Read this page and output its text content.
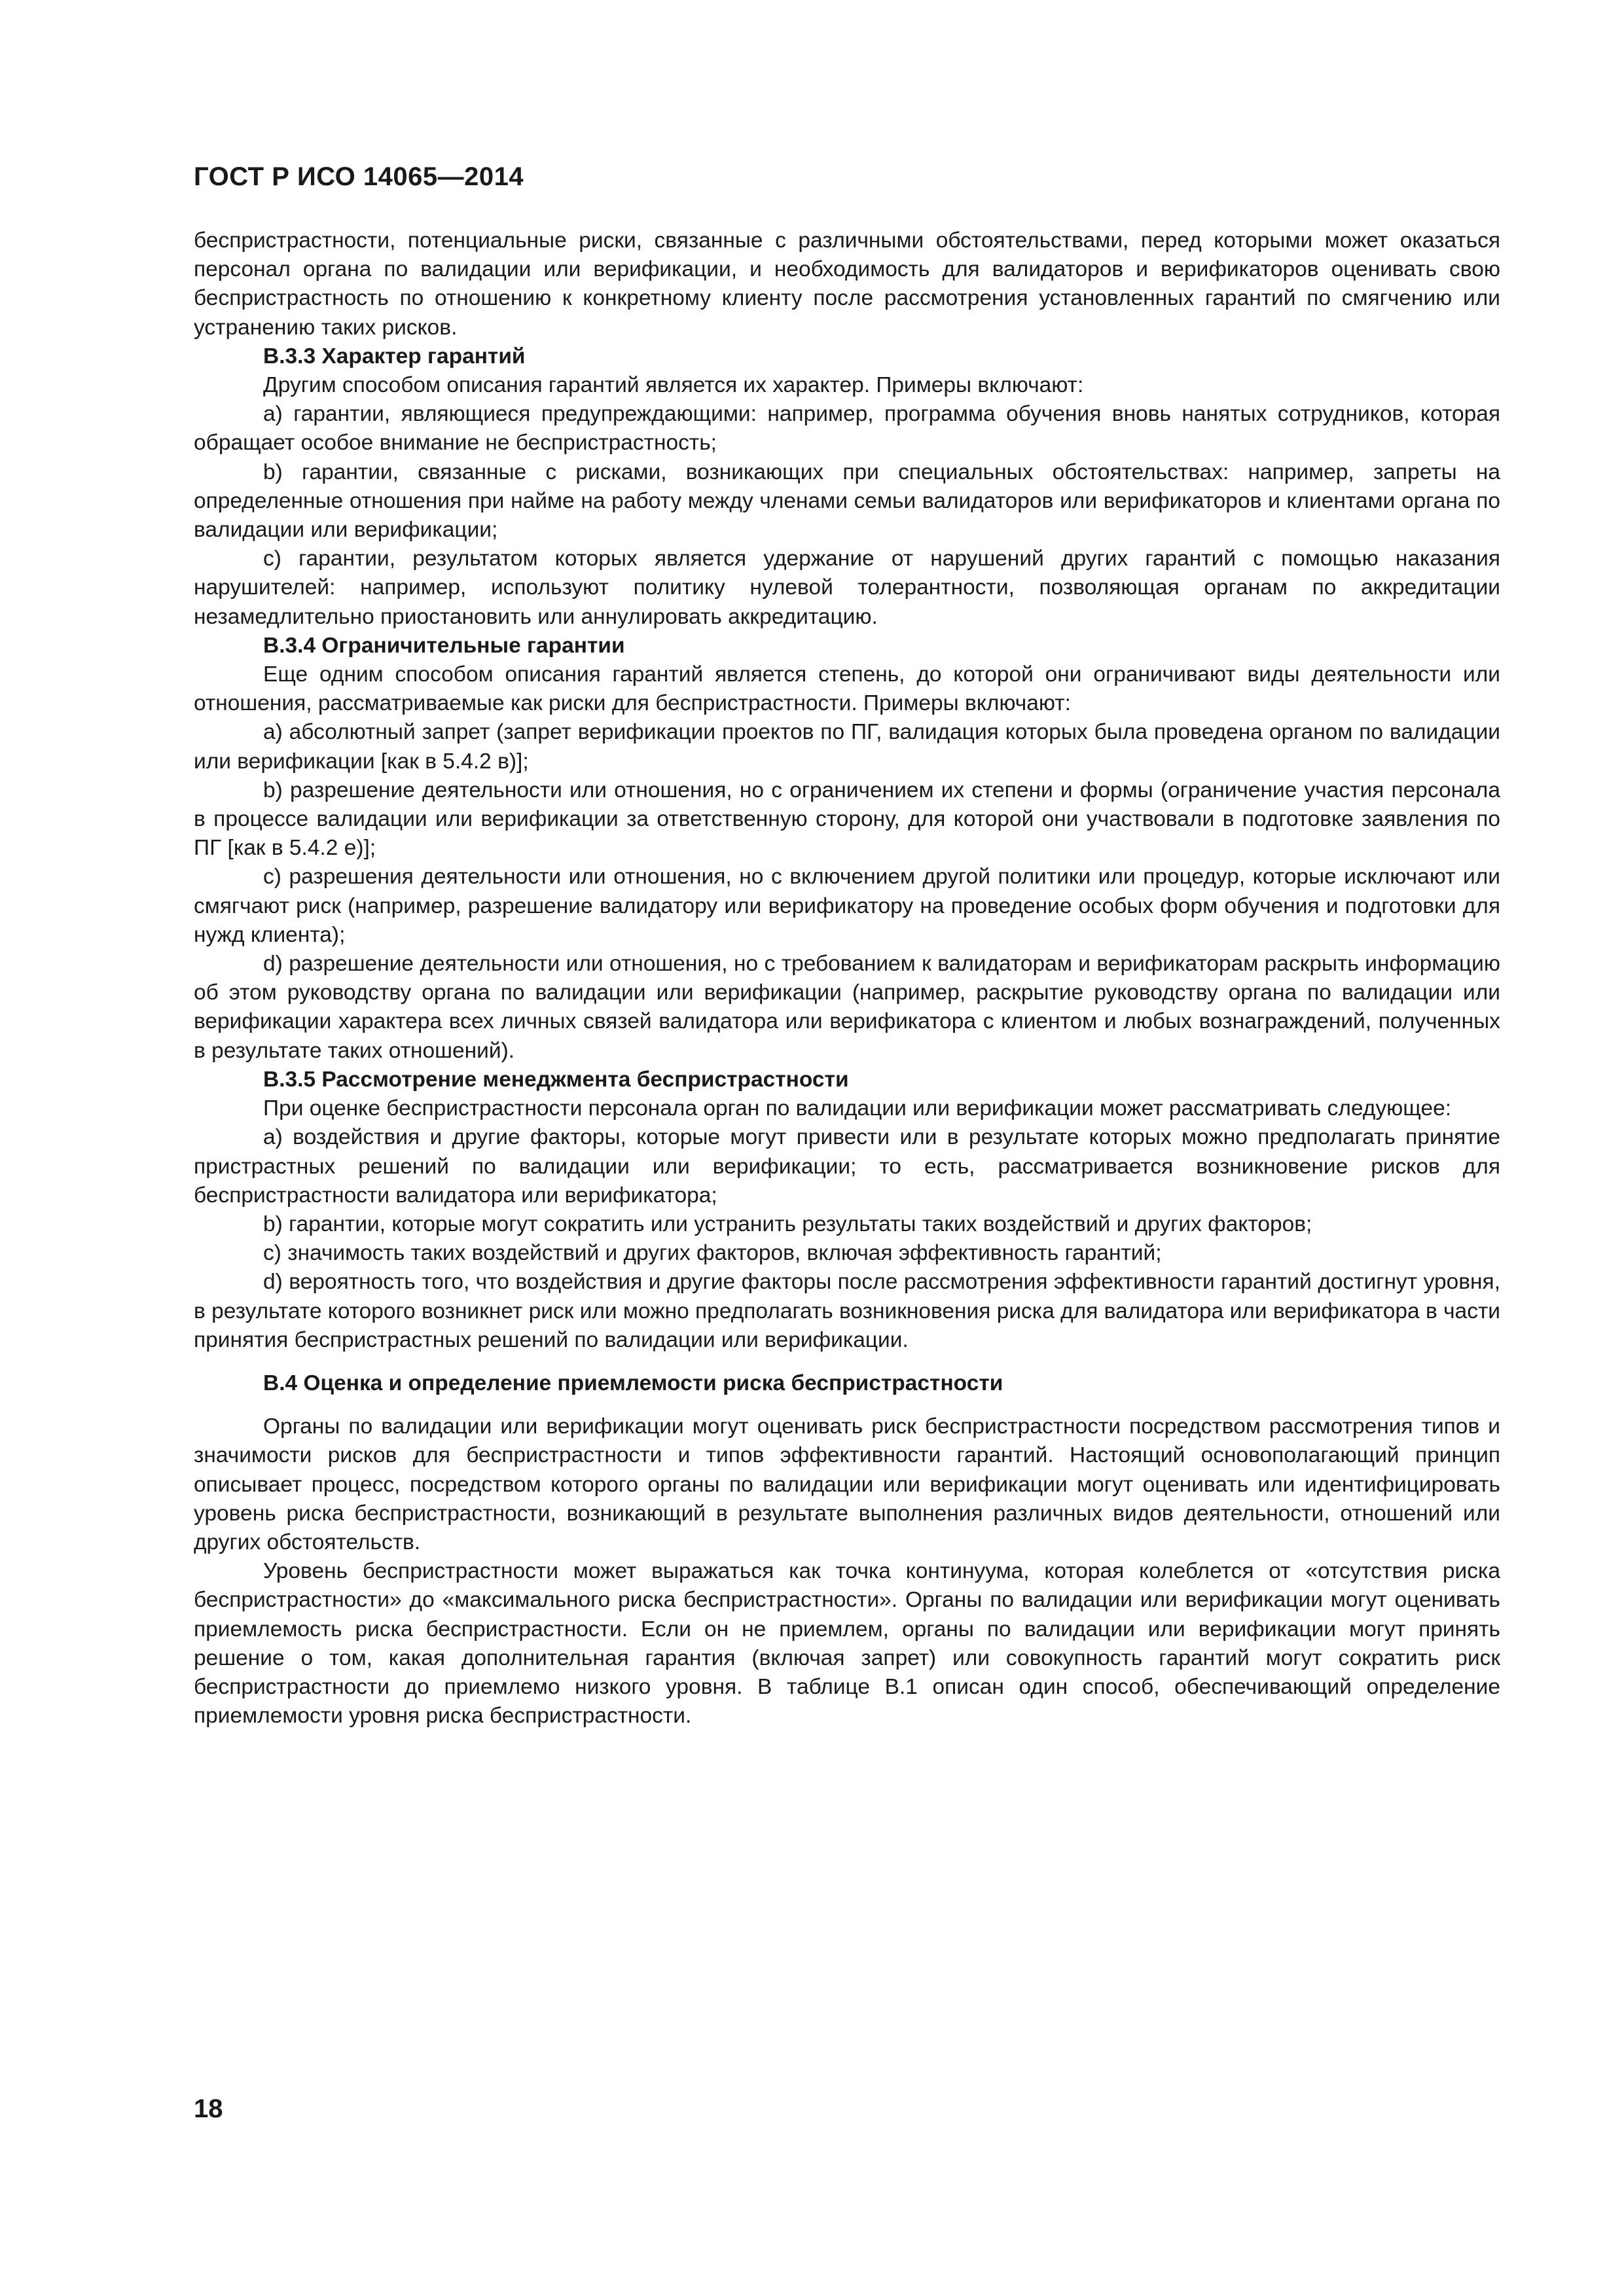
ГОСТ Р ИСО 14065—2014

беспристрастности, потенциальные риски, связанные с различными обстоятельствами, перед которыми может оказаться персонал органа по валидации или верификации, и необходимость для валидаторов и верификаторов оценивать свою беспристрастность по отношению к конкретному клиенту после рассмотрения установленных гарантий по смягчению или устранению таких рисков.

B.3.3 Характер гарантий

Другим способом описания гарантий является их характер. Примеры включают:

a) гарантии, являющиеся предупреждающими: например, программа обучения вновь нанятых сотрудников, которая обращает особое внимание не беспристрастность;

b) гарантии, связанные с рисками, возникающих при специальных обстоятельствах: например, запреты на определенные отношения при найме на работу между членами семьи валидаторов или верификаторов и клиентами органа по валидации или верификации;

c) гарантии, результатом которых является удержание от нарушений других гарантий с помощью наказания нарушителей: например, используют политику нулевой толерантности, позволяющая органам по аккредитации незамедлительно приостановить или аннулировать аккредитацию.

B.3.4 Ограничительные гарантии

Еще одним способом описания гарантий является степень, до которой они ограничивают виды деятельности или отношения, рассматриваемые как риски для беспристрастности. Примеры включают:

a) абсолютный запрет (запрет верификации проектов по ПГ, валидация которых была проведена органом по валидации или верификации [как в 5.4.2 в)];

b) разрешение деятельности или отношения, но с ограничением их степени и формы (ограничение участия персонала в процессе валидации или верификации за ответственную сторону, для которой они участвовали в подготовке заявления по ПГ [как в 5.4.2 е)];

c) разрешения деятельности или отношения, но с включением другой политики или процедур, которые исключают или смягчают риск (например, разрешение валидатору или верификатору на проведение особых форм обучения и подготовки для нужд клиента);

d) разрешение деятельности или отношения, но с требованием к валидаторам и верификаторам раскрыть информацию об этом руководству органа по валидации или верификации (например, раскрытие руководству органа по валидации или верификации характера всех личных связей валидатора или верификатора с клиентом и любых вознаграждений, полученных в результате таких отношений).

B.3.5 Рассмотрение менеджмента беспристрастности

При оценке беспристрастности персонала орган по валидации или верификации может рассматривать следующее:

a) воздействия и другие факторы, которые могут привести или в результате которых можно предполагать принятие пристрастных решений по валидации или верификации; то есть, рассматривается возникновение рисков для беспристрастности валидатора или верификатора;

b) гарантии, которые могут сократить или устранить результаты таких воздействий и других факторов;

c) значимость таких воздействий и других факторов, включая эффективность гарантий;

d) вероятность того, что воздействия и другие факторы после рассмотрения эффективности гарантий достигнут уровня, в результате которого возникнет риск или можно предполагать возникновения риска для валидатора или верификатора в части принятия беспристрастных решений по валидации или верификации.

B.4 Оценка и определение приемлемости риска беспристрастности

Органы по валидации или верификации могут оценивать риск беспристрастности посредством рассмотрения типов и значимости рисков для беспристрастности и типов эффективности гарантий. Настоящий основополагающий принцип описывает процесс, посредством которого органы по валидации или верификации могут оценивать или идентифицировать уровень риска беспристрастности, возникающий в результате выполнения различных видов деятельности, отношений или других обстоятельств.

Уровень беспристрастности может выражаться как точка континуума, которая колеблется от «отсутствия риска беспристрастности» до «максимального риска беспристрастности». Органы по валидации или верификации могут оценивать приемлемость риска беспристрастности. Если он не приемлем, органы по валидации или верификации могут принять решение о том, какая дополнительная гарантия (включая запрет) или совокупность гарантий могут сократить риск беспристрастности до приемлемо низкого уровня. В таблице B.1 описан один способ, обеспечивающий определение приемлемости уровня риска беспристрастности.

18
